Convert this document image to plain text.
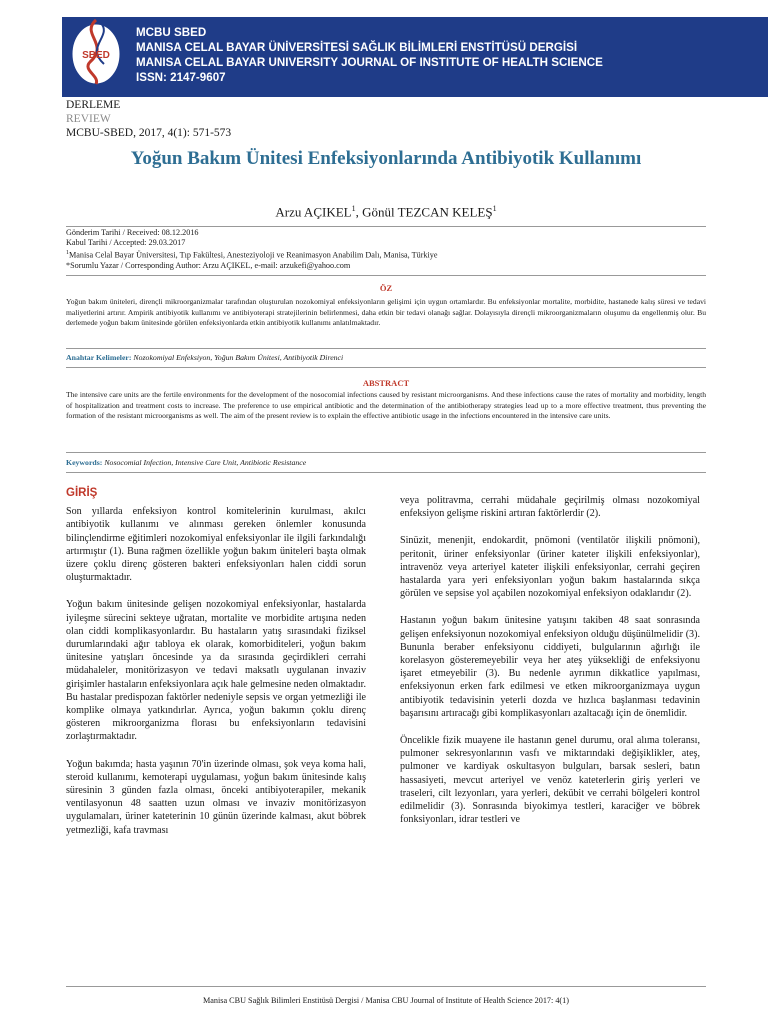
SBED
MCBU SBED
MANISA CELAL BAYAR ÜNİVERSİTESİ SAĞLIK BİLİMLERİ ENSTİTÜSÜ DERGİSİ
MANISA CELAL BAYAR UNIVERSITY JOURNAL OF INSTITUTE OF HEALTH SCIENCE
ISSN: 2147-9607
DERLEME
REVIEW
MCBU-SBED, 2017, 4(1): 571-573
Yoğun Bakım Ünitesi Enfeksiyonlarında Antibiyotik Kullanımı
Arzu AÇIKEL$^1$, Gönül TEZCAN KELEŞ$^1$
Gönderim Tarihi / Received: 08.12.2016
Kabul Tarihi / Accepted: 29.03.2017
$^1$Manisa Celal Bayar Üniversitesi, Tıp Fakültesi, Anesteziyoloji ve Reanimasyon Anabilim Dalı, Manisa, Türkiye
*Sorumlu Yazar / Corresponding Author: Arzu AÇIKEL, e-mail: arzukefi@yahoo.com
ÖZ
Yoğun bakım üniteleri, dirençli mikroorganizmalar tarafından oluşturulan nozokomiyal enfeksiyonların gelişimi için uygun ortamlardır. Bu enfeksiyonlar mortalite, morbidite, hastanede kalış süresi ve tedavi maliyetlerini artırır. Ampirik antibiyotik kullanımı ve antibiyoterapi stratejilerinin belirlenmesi, daha etkin bir tedavi olanağı sağlar. Dolayısıyla dirençli mikroorganizmaların oluşumu da engellenmiş olur. Bu derlemede yoğun bakım ünitesinde görülen enfeksiyonlarda etkin antibiyotik kullanımı anlatılmaktadır.
Anahtar Kelimeler: Nozokomiyal Enfeksiyon, Yoğun Bakım Ünitesi, Antibiyotik Direnci
ABSTRACT
The intensive care units are the fertile environments for the development of the nosocomial infections caused by resistant microorganisms. And these infections cause the rates of mortality and morbidity, length of hospitalization and treatment costs to increase. The preference to use empirical antibiotic and the determination of the antibiotherapy strategies lead up to a more effective treatment, thus preventing the formation of the resistant microorganisms as well. The aim of the present review is to explain the effective antibiotic usage in the infections encountered in the intensive care units.
Keywords: Nosocomial Infection, Intensive Care Unit, Antibiotic Resistance
GİRİŞ

Son yıllarda enfeksiyon kontrol komitelerinin kurulması, akılcı antibiyotik kullanımı ve alınması gereken önlemler konusunda bilinçlendirme eğitimleri nozokomiyal enfeksiyonlar ile ilgili farkındalığı artırmıştır (1). Buna rağmen özellikle yoğun bakım üniteleri başta olmak üzere çoklu direnç gösteren bakteri enfeksiyonları halen ciddi sorun oluşturmaktadır.

Yoğun bakım ünitesinde gelişen nozokomiyal enfeksiyonlar, hastalarda iyileşme sürecini sekteye uğratan, mortalite ve morbidite artışına neden olan ciddi komplikasyonlardır. Bu hastaların yatış sırasındaki fiziksel durumlarındaki ağır tabloya ek olarak, komorbiditeleri, yoğun bakım ünitesine yatışları öncesinde ya da sırasında geçirdikleri cerrahi müdahaleler, monitörizasyon ve tedavi maksatlı uygulanan invaziv girişimler hastaların enfeksiyonlara açık hale gelmesine neden olmaktadır. Bu hastalar predispozan faktörler nedeniyle sepsis ve organ yetmezliği ile komplike olmaya yatkındırlar. Ayrıca, yoğun bakımın çoklu direnç gösteren mikroorganizma florası bu enfeksiyonların tedavisini zorlaştırmaktadır.

Yoğun bakımda; hasta yaşının 70'in üzerinde olması, şok veya koma hali, steroid kullanımı, kemoterapi uygulaması, yoğun bakım ünitesinde kalış süresinin 3 günden fazla olması, önceki antibiyoterapiler, mekanik ventilasyonun 48 saatten uzun olması ve invaziv monitörizasyon uygulamaları, üriner kateterinin 10 günün üzerinde kalması, akut böbrek yetmezliği, kafa travması

veya politravma, cerrahi müdahale geçirilmiş olması nozokomiyal enfeksiyon gelişme riskini artıran faktörlerdir (2).

Sinüzit, menenjit, endokardit, pnömoni (ventilatör ilişkili pnömoni), peritonit, üriner enfeksiyonlar (üriner kateter ilişkili enfeksiyonlar), intravenöz veya arteriyel kateter ilişkili enfeksiyonlar, cerrahi geçiren hastalarda yara yeri enfeksiyonları yoğun bakım hastalarında sıkça görülen ve sepsise yol açabilen nozokomiyal enfeksiyon odaklarıdır (2).

Hastanın yoğun bakım ünitesine yatışını takiben 48 saat sonrasında gelişen enfeksiyonun nozokomiyal enfeksiyon olduğu düşünülmelidir (3). Bununla beraber enfeksiyonu ciddiyeti, bulgularının ağırlığı ile korelasyon gösteremeyebilir veya her ateş yüksekliği de enfeksiyonu işaret etmeyebilir (3). Bu nedenle ayrımın dikkatlice yapılması, enfeksiyonun erken fark edilmesi ve etken mikroorganizmaya uygun antibiyotik tedavisinin yeterli dozda ve hızlıca başlanması tedavinin başarısını artıracağı gibi komplikasyonları azaltacağı için de önemlidir.

Öncelikle fizik muayene ile hastanın genel durumu, oral alıma toleransı, pulmoner sekresyonlarının vasfı ve miktarındaki değişiklikler, ateş, pulmoner ve kardiyak oskultasyon bulguları, barsak sesleri, batın hassasiyeti, mevcut arteriyel ve venöz kateterlerin giriş yerleri ve traseleri, cilt lezyonları, yara yerleri, dekübit ve cerrahi bölgeleri kontrol edilmelidir (3). Sonrasında biyokimya testleri, karaciğer ve böbrek fonksiyonları, idrar testleri ve

Manisa CBU Sağlık Bilimleri Enstitüsü Dergisi / Manisa CBU Journal of Institute of Health Science 2017: 4(1)
